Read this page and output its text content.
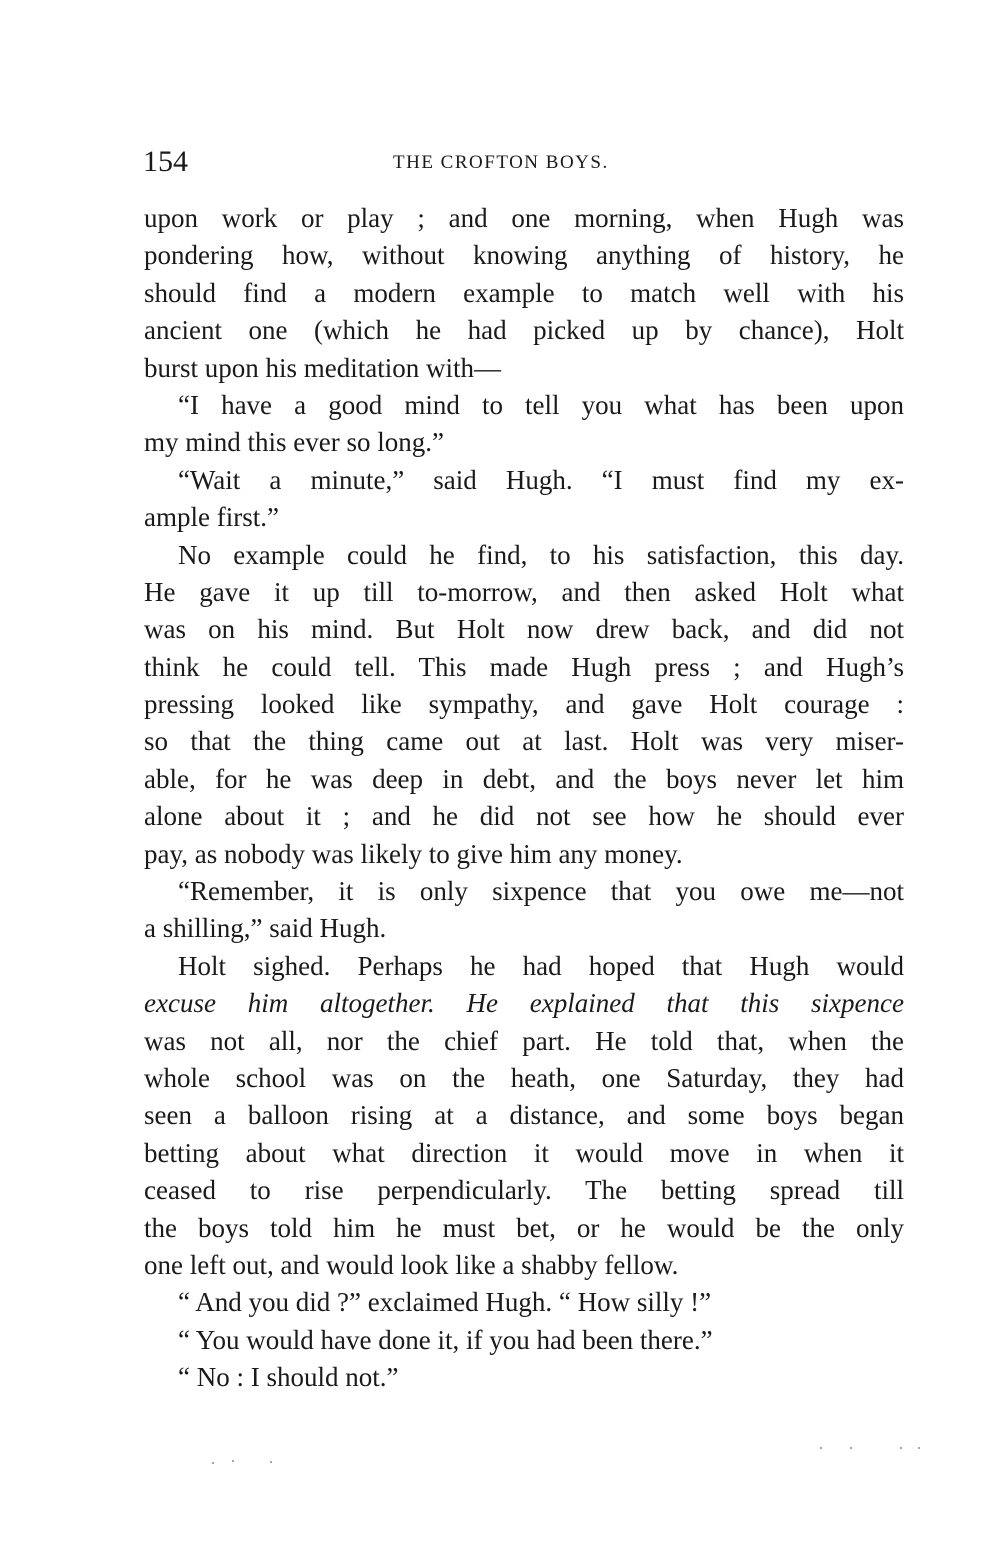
154	THE CROFTON BOYS.
upon work or play ; and one morning, when Hugh was
pondering how, without knowing anything of history, he
should find a modern example to match well with his
ancient one (which he had picked up by chance), Holt
burst upon his meditation with—
“I have a good mind to tell you what has been upon
my mind this ever so long.”
“Wait a minute,” said Hugh. “I must find my ex-
ample first.”
No example could he find, to his satisfaction, this day.
He gave it up till to-morrow, and then asked Holt what
was on his mind. But Holt now drew back, and did not
think he could tell. This made Hugh press ; and Hugh’s
pressing looked like sympathy, and gave Holt courage :
so that the thing came out at last. Holt was very miser-
able, for he was deep in debt, and the boys never let him
alone about it ; and he did not see how he should ever
pay, as nobody was likely to give him any money.
“Remember, it is only sixpence that you owe me—not
a shilling,” said Hugh.
Holt sighed. Perhaps he had hoped that Hugh would
excuse him altogether. He explained that this sixpence
was not all, nor the chief part. He told that, when the
whole school was on the heath, one Saturday, they had
seen a balloon rising at a distance, and some boys began
betting about what direction it would move in when it
ceased to rise perpendicularly. The betting spread till
the boys told him he must bet, or he would be the only
one left out, and would look like a shabby fellow.
“ And you did ?” exclaimed Hugh. “ How silly !”
“ You would have done it, if you had been there.”
“ No : I should not.”
